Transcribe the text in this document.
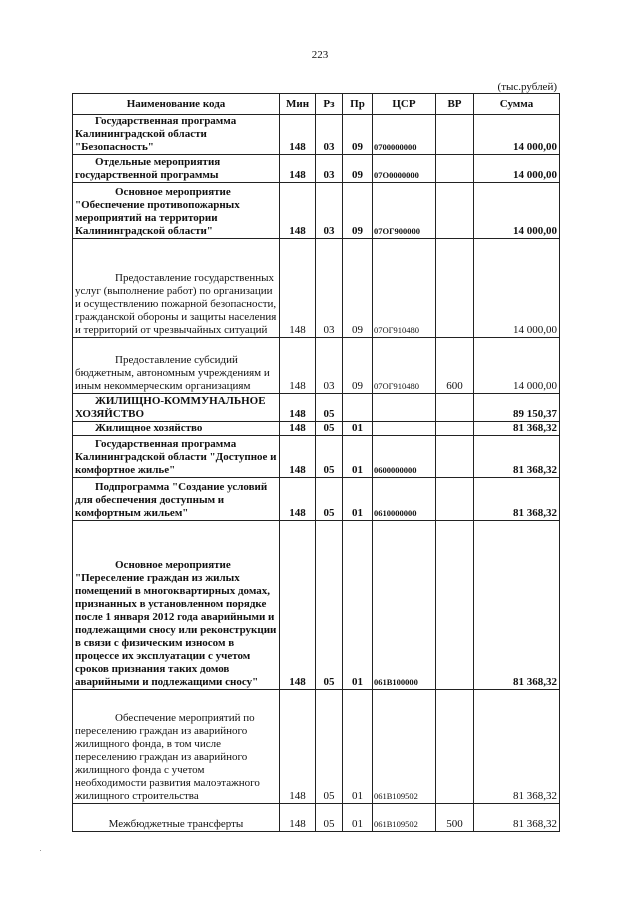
223
(тыс.рублей)
Наименование кода	Мин	Рз	Пр	ЦСР	ВР	Сумма
Государственная программа Калининградской области "Безопасность"	148	03	09	0700000000		14 000,00
Отдельные мероприятия государственной программы	148	03	09	07О0000000		14 000,00
Основное мероприятие "Обеспечение противопожарных мероприятий на территории Калининградской области"	148	03	09	07ОГ900000		14 000,00
Предоставление государственных услуг (выполнение работ) по организации и осуществлению пожарной безопасности, гражданской обороны и защиты населения и территорий от чрезвычайных ситуаций	148	03	09	07ОГ910480		14 000,00
Предоставление субсидий бюджетным, автономным учреждениям и иным некоммерческим организациям	148	03	09	07ОГ910480	600	14 000,00
ЖИЛИЩНО-КОММУНАЛЬНОЕ ХОЗЯЙСТВО	148	05				89 150,37
Жилищное хозяйство	148	05	01			81 368,32
Государственная программа Калининградской области "Доступное и комфортное жилье"	148	05	01	0600000000		81 368,32
Подпрограмма "Создание условий для обеспечения доступным и комфортным жильем"	148	05	01	0610000000		81 368,32
Основное мероприятие "Переселение граждан из жилых помещений в многоквартирных домах, признанных в установленном порядке после 1 января 2012 года аварийными и подлежащими сносу или реконструкции в связи с физическим износом в процессе их эксплуатации с учетом сроков признания таких домов аварийными и подлежащими сносу"	148	05	01	061В100000		81 368,32
Обеспечение мероприятий по переселению граждан из аварийного жилищного фонда, в том числе переселению граждан из аварийного жилищного фонда с учетом необходимости развития малоэтажного жилищного строительства	148	05	01	061В109502		81 368,32
Межбюджетные трансферты	148	05	01	061В109502	500	81 368,32
